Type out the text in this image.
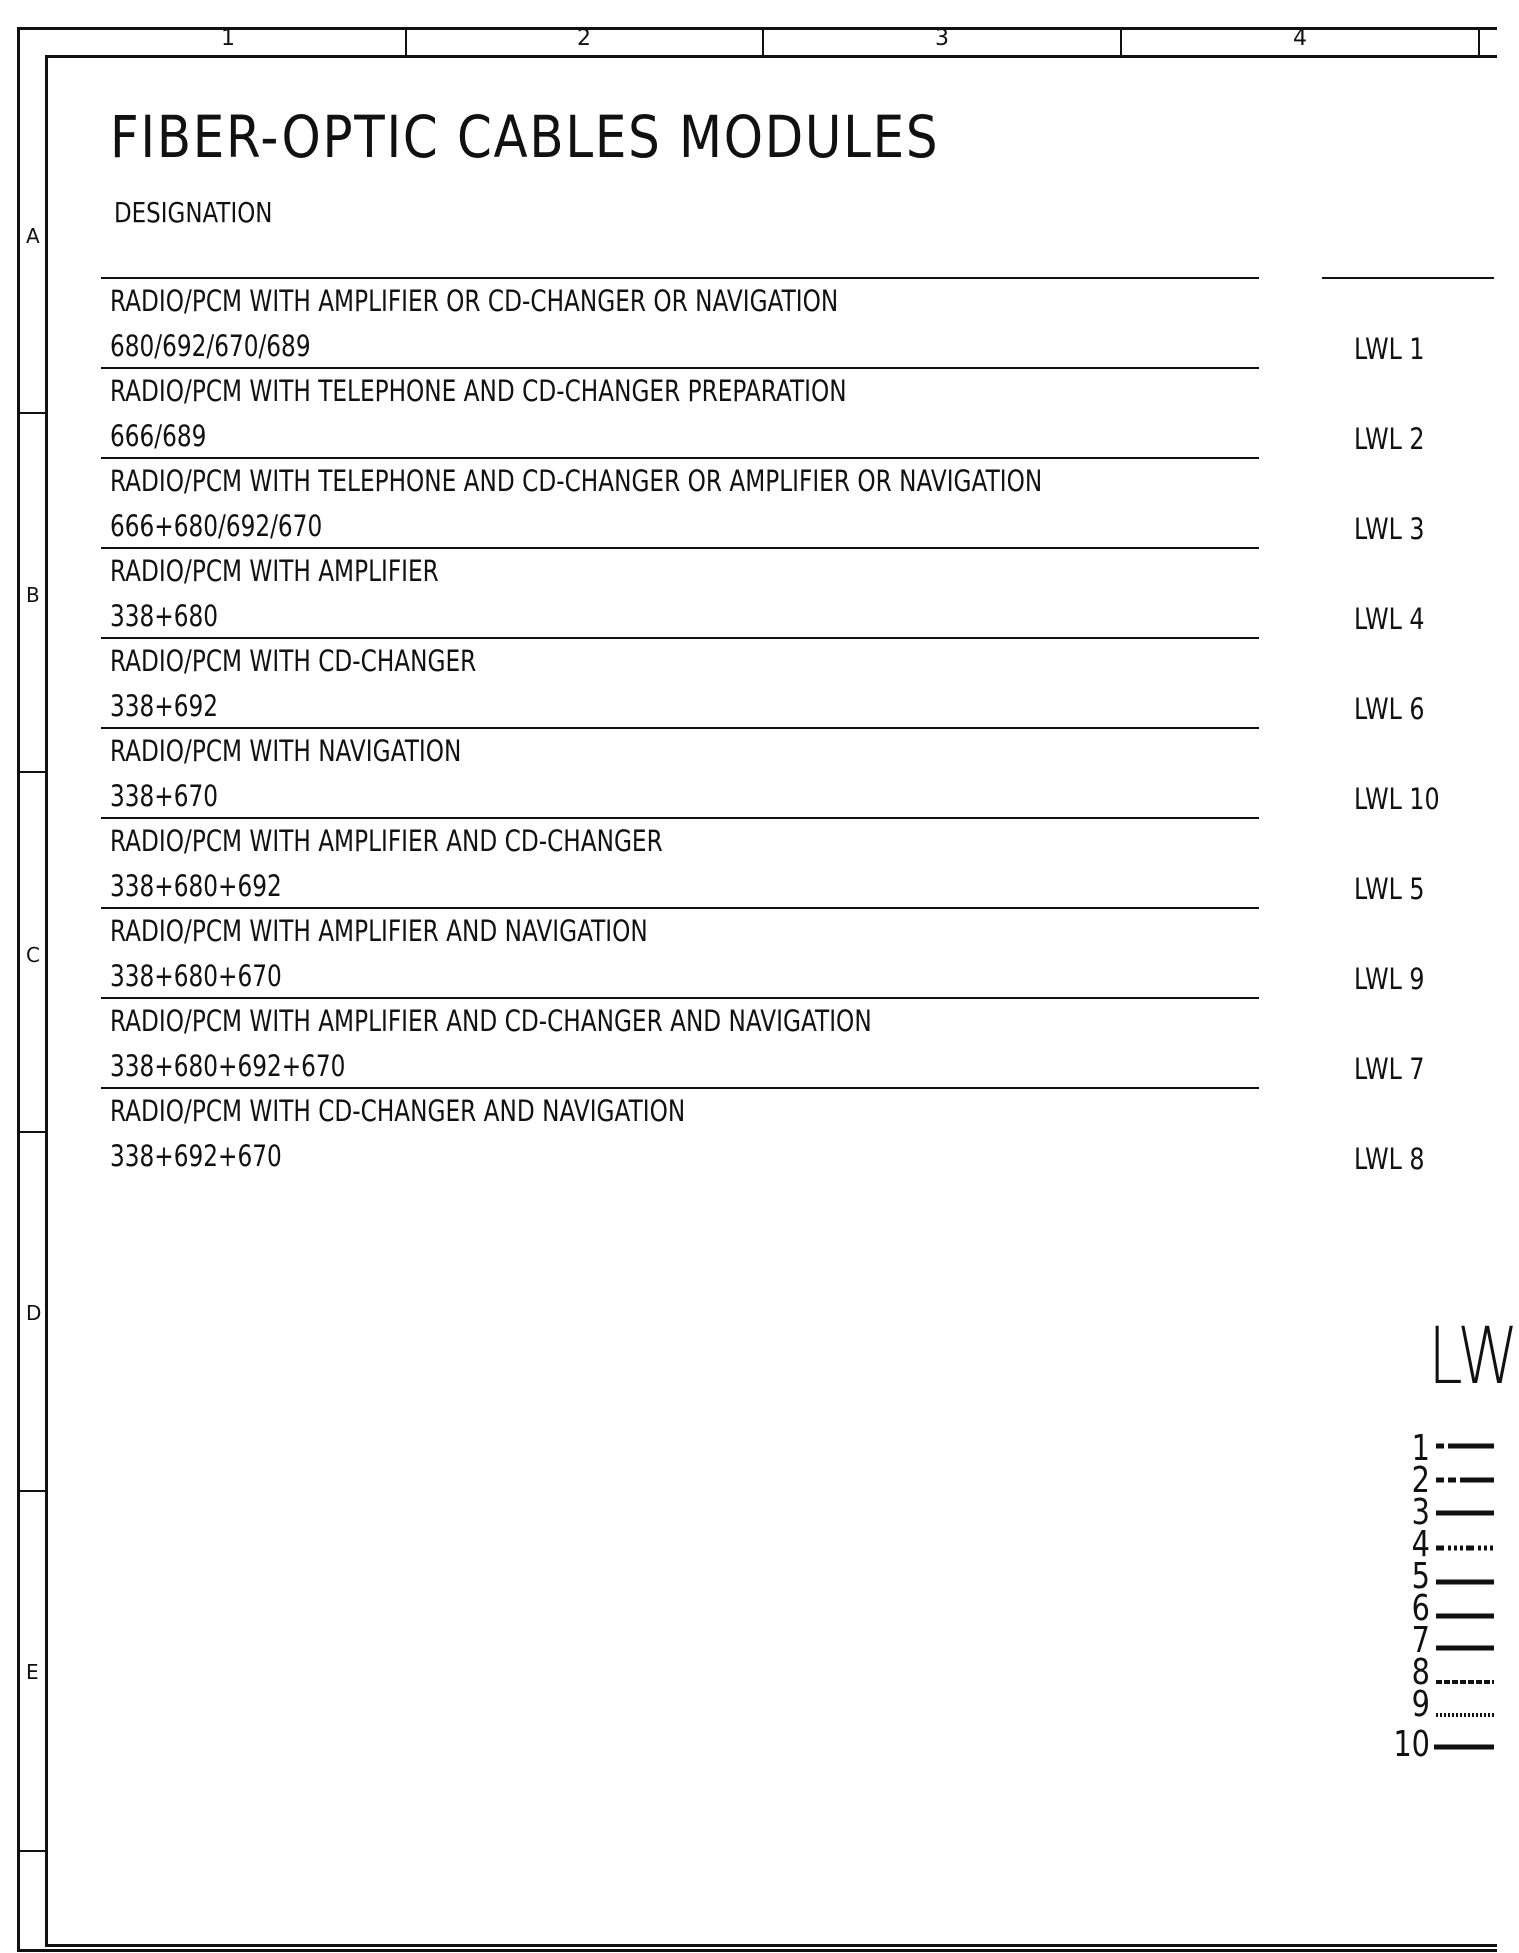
1	2	3	4
A
B
C
D
E
FIBER-OPTIC CABLES MODULES
DESIGNATION
RADIO/PCM WITH AMPLIFIER OR CD-CHANGER OR NAVIGATION
680/692/670/689	LWL 1
RADIO/PCM WITH TELEPHONE AND CD-CHANGER PREPARATION
666/689	LWL 2
RADIO/PCM WITH TELEPHONE AND CD-CHANGER OR AMPLIFIER OR NAVIGATION
666+680/692/670	LWL 3
RADIO/PCM WITH AMPLIFIER
338+680	LWL 4
RADIO/PCM WITH CD-CHANGER
338+692	LWL 6
RADIO/PCM WITH NAVIGATION
338+670	LWL 10
RADIO/PCM WITH AMPLIFIER AND CD-CHANGER
338+680+692	LWL 5
RADIO/PCM WITH AMPLIFIER AND NAVIGATION
338+680+670	LWL 9
RADIO/PCM WITH AMPLIFIER AND CD-CHANGER AND NAVIGATION
338+680+692+670	LWL 7
RADIO/PCM WITH CD-CHANGER AND NAVIGATION
338+692+670	LWL 8
LW
1
2
3
4
5
6
7
8
9
10
